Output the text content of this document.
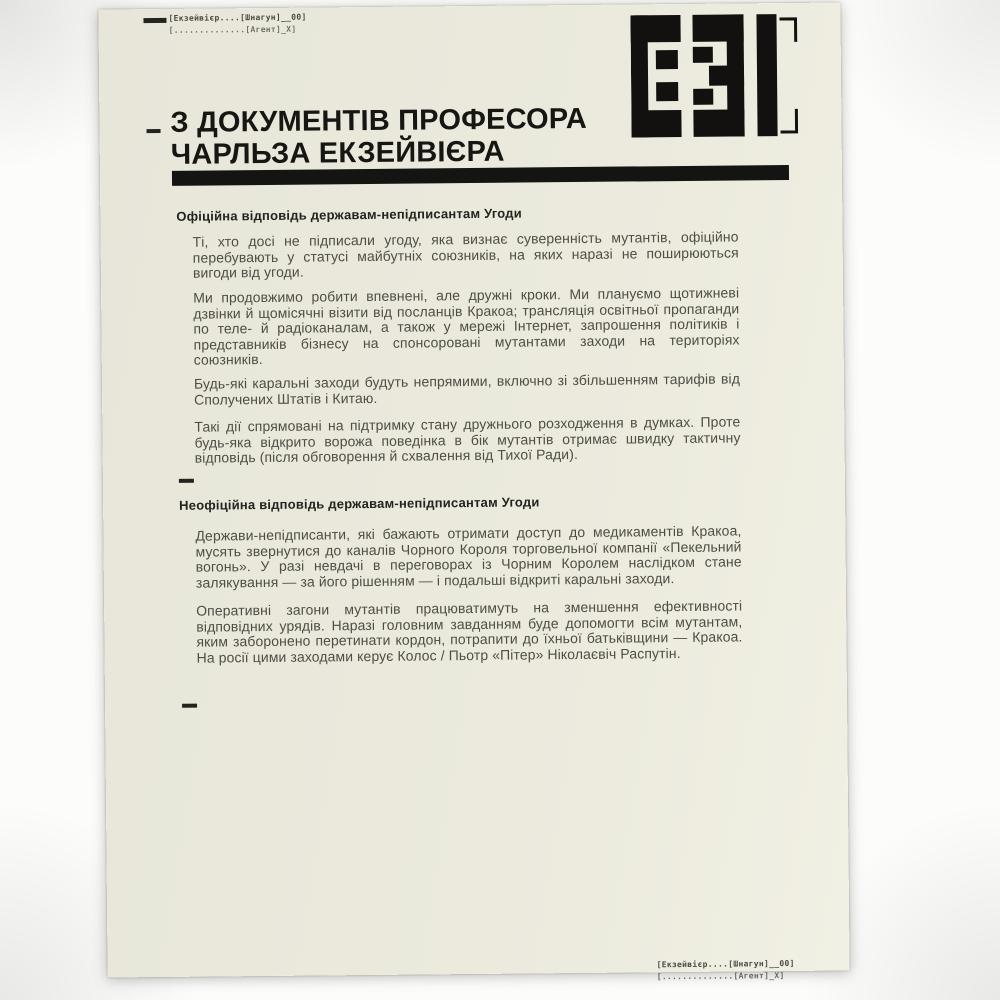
[Екзейвієр....[Шнагун]__00]
[..............[Агент]_X]
З ДОКУМЕНТІВ ПРОФЕСОРА
ЧАРЛЬЗА ЕКЗЕЙВІЄРА
Офіційна відповідь державам-непідписантам Угоди
Ті, хто досі не підписали угоду, яка визнає суверенність мутантів, офіційно перебувають у статусі майбутніх союзників, на яких наразі не поширюються вигоди від угоди.
Ми продовжимо робити впевнені, але дружні кроки. Ми плануємо щотижневі дзвінки й щомісячні візити від посланців Кракоа; трансляція освітньої пропаганди по теле- й радіоканалам, а також у мережі Інтернет, запрошення політиків і представників бізнесу на спонсоровані мутантами заходи на територіях союзників.
Будь-які каральні заходи будуть непрямими, включно зі збільшенням тарифів від Сполучених Штатів і Китаю.
Такі дії спрямовані на підтримку стану дружнього розходження в думках. Проте будь-яка відкрито ворожа поведінка в бік мутантів отримає швидку тактичну відповідь (після обговорення й схвалення від Тихої Ради).
Неофіційна відповідь державам-непідписантам Угоди
Держави-непідписанти, які бажають отримати доступ до медикаментів Кракоа, мусять звернутися до каналів Чорного Короля торговельної компанії «Пекельний вогонь». У разі невдачі в переговорах із Чорним Королем наслідком стане залякування — за його рішенням — і подальші відкриті каральні заходи.
Оперативні загони мутантів працюватимуть на зменшення ефективності відповідних урядів. Наразі головним завданням буде допомогти всім мутантам, яким заборонено перетинати кордон, потрапити до їхньої батьківщини — Кракоа. На росії цими заходами керує Колос / Пьотр «Пітер» Ніколаєвіч Распутін.
[Екзейвієр....[Шнагун]__00]
[..............[Агент]_X]
